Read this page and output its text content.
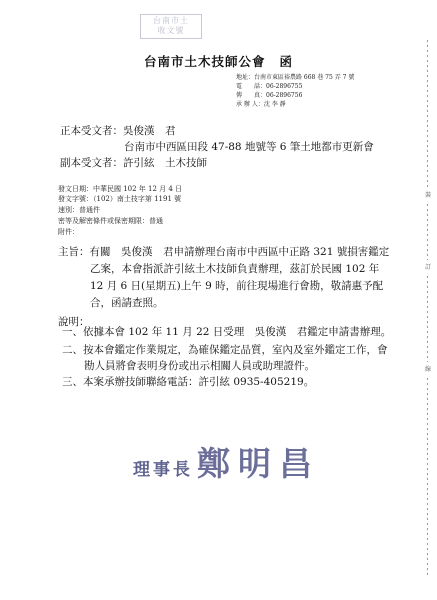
台南市土
收文號
台南市土木技師公會 函
地址：台南市東區裕農路 668 巷 75 弄 7 號
電　　話：06-2896755
傳　　真：06-2896756
承 辦 人：沈 李 靜
正本受文者：吳俊漢　君
台南市中西區田段 47-88 地號等 6 筆土地都市更新會
副本受文者：許引絃　土木技師
發文日期：中華民國 102 年 12 月 4 日
發文字號：（102）南土技字第 1191 號
速別：普通件
密等及解密條件或保密期限：普通
附件：
主旨：有關　吳俊漢　君申請辦理台南市中西區中正路 321 號損害鑑定
乙案，本會指派許引絃土木技師負責辦理，茲訂於民國 102 年
12 月 6 日(星期五)上午 9 時，前往現場進行會勘，敬請惠予配
合，函請查照。
說明：
一、依據本會 102 年 11 月 22 日受理　吳俊漢　君鑑定申請書辦理。
二、按本會鑑定作業規定，為確保鑑定品質，室內及室外鑑定工作，會
勘人員將會表明身份或出示相關人員或助理證件。
三、本案承辦技師聯絡電話：許引絃 0935-405219。
裝
訂
線
理事長 鄭明昌
